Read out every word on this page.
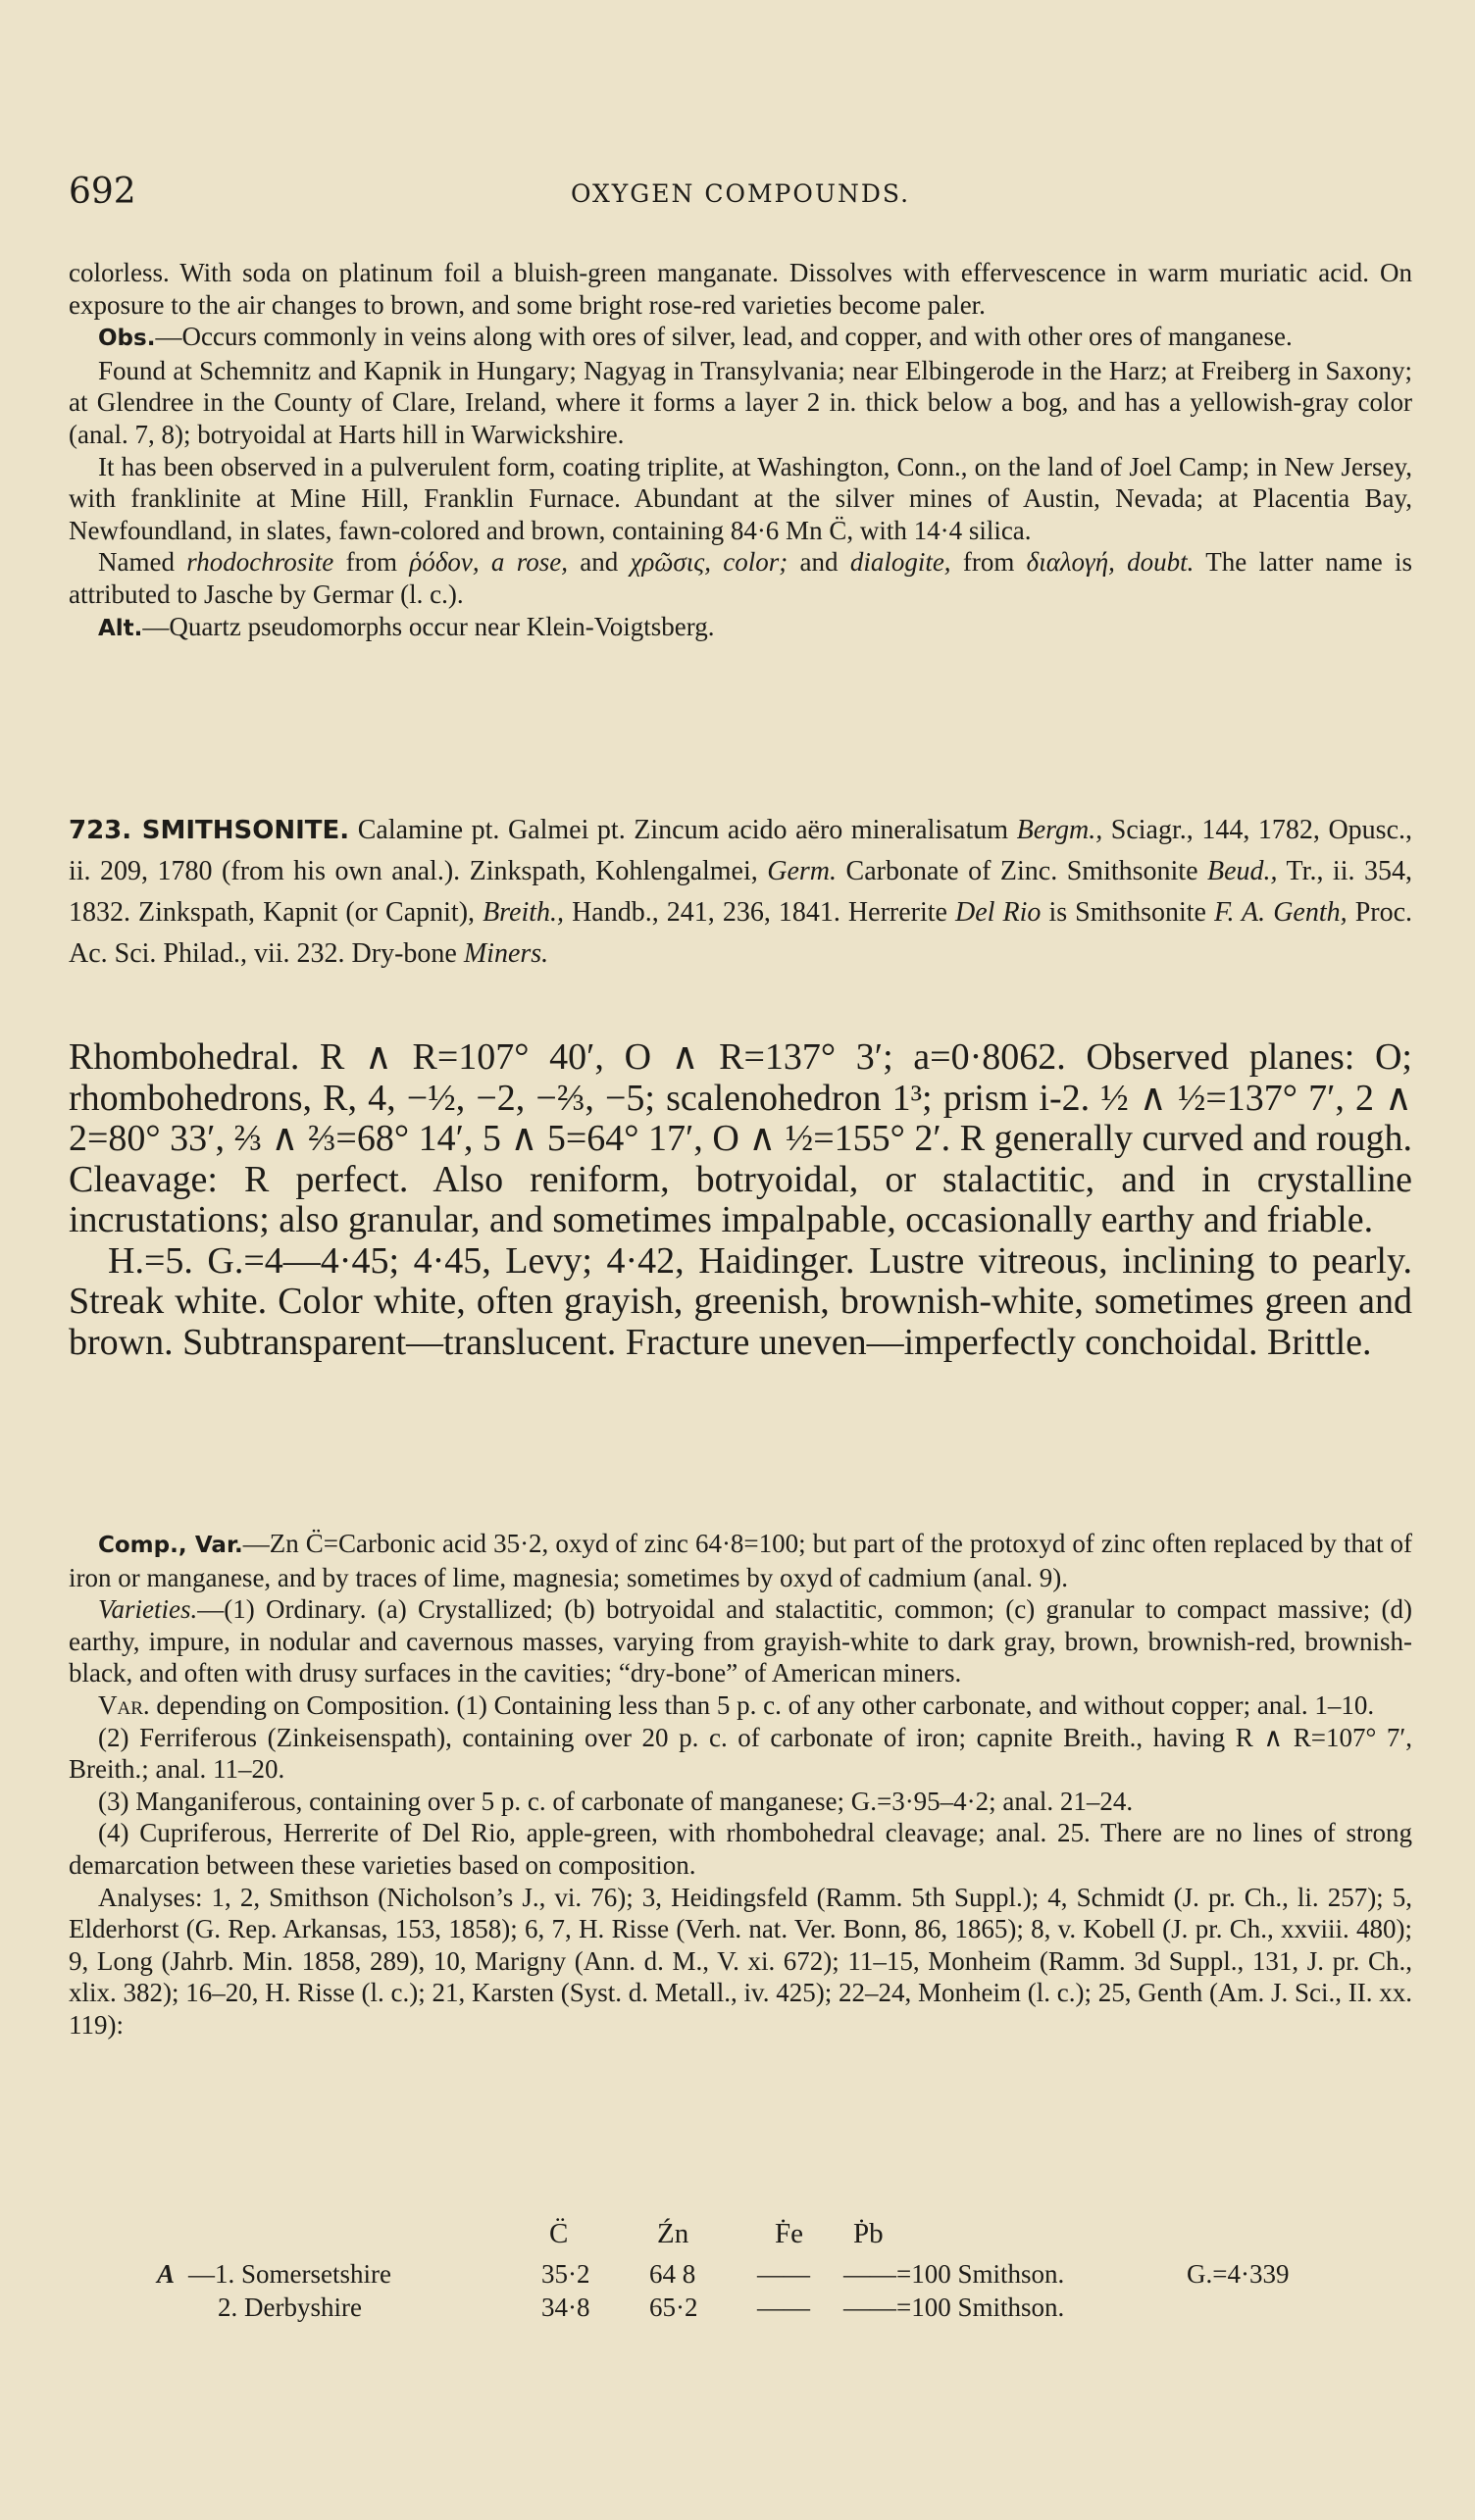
692	OXYGEN COMPOUNDS.

colorless. With soda on platinum foil a bluish-green manganate. Dissolves with effervescence in warm muriatic acid. On exposure to the air changes to brown, and some bright rose-red varieties become paler.

Obs.—Occurs commonly in veins along with ores of silver, lead, and copper, and with other ores of manganese.

Found at Schemnitz and Kapnik in Hungary; Nagyag in Transylvania; near Elbingerode in the Harz; at Freiberg in Saxony; at Glendree in the County of Clare, Ireland, where it forms a layer 2 in. thick below a bog, and has a yellowish-gray color (anal. 7, 8); botryoidal at Harts hill in Warwickshire.

It has been observed in a pulverulent form, coating triplite, at Washington, Conn., on the land of Joel Camp; in New Jersey, with franklinite at Mine Hill, Franklin Furnace. Abundant at the silver mines of Austin, Nevada; at Placentia Bay, Newfoundland, in slates, fawn-colored and brown, containing 84·6 Mn C̈, with 14·4 silica.

Named rhodochrosite from ῥόδον, a rose, and χρῶσις, color; and dialogite, from διαλογή, doubt. The latter name is attributed to Jasche by Germar (l. c.).

Alt.—Quartz pseudomorphs occur near Klein-Voigtsberg.

723. SMITHSONITE. Calamine pt. Galmei pt. Zincum acido aëro mineralisatum Bergm., Sciagr., 144, 1782, Opusc., ii. 209, 1780 (from his own anal.). Zinkspath, Kohlengalmei, Germ. Carbonate of Zinc. Smithsonite Beud., Tr., ii. 354, 1832. Zinkspath, Kapnit (or Capnit), Breith., Handb., 241, 236, 1841. Herrerite Del Rio is Smithsonite F. A. Genth, Proc. Ac. Sci. Philad., vii. 232. Dry-bone Miners.

Rhombohedral. R ∧ R=107° 40′, O ∧ R=137° 3′; a=0·8062. Observed planes: O; rhombohedrons, R, 4, −½, −2, −⅔, −5; scalenohedron 1³; prism i-2. ½ ∧ ½=137° 7′, 2 ∧ 2=80° 33′, ⅔ ∧ ⅔=68° 14′, 5 ∧ 5=64° 17′, O ∧ ½=155° 2′. R generally curved and rough. Cleavage: R perfect. Also reniform, botryoidal, or stalactitic, and in crystalline incrustations; also granular, and sometimes impalpable, occasionally earthy and friable.

H.=5. G.=4—4·45; 4·45, Levy; 4·42, Haidinger. Lustre vitreous, inclining to pearly. Streak white. Color white, often grayish, greenish, brownish-white, sometimes green and brown. Subtransparent—translucent. Fracture uneven—imperfectly conchoidal. Brittle.

Comp., Var.—Zn C̈=Carbonic acid 35·2, oxyd of zinc 64·8=100; but part of the protoxyd of zinc often replaced by that of iron or manganese, and by traces of lime, magnesia; sometimes by oxyd of cadmium (anal. 9).

Varieties.—(1) Ordinary. (a) Crystallized; (b) botryoidal and stalactitic, common; (c) granular to compact massive; (d) earthy, impure, in nodular and cavernous masses, varying from grayish-white to dark gray, brown, brownish-red, brownish-black, and often with drusy surfaces in the cavities; “dry-bone” of American miners.

Var. depending on Composition. (1) Containing less than 5 p. c. of any other carbonate, and without copper; anal. 1–10.

(2) Ferriferous (Zinkeisenspath), containing over 20 p. c. of carbonate of iron; capnite Breith., having R ∧ R=107° 7′, Breith.; anal. 11–20.

(3) Manganiferous, containing over 5 p. c. of carbonate of manganese; G.=3·95–4·2; anal. 21–24.

(4) Cupriferous, Herrerite of Del Rio, apple-green, with rhombohedral cleavage; anal. 25. There are no lines of strong demarcation between these varieties based on composition.

Analyses: 1, 2, Smithson (Nicholson’s J., vi. 76); 3, Heidingsfeld (Ramm. 5th Suppl.); 4, Schmidt (J. pr. Ch., li. 257); 5, Elderhorst (G. Rep. Arkansas, 153, 1858); 6, 7, H. Risse (Verh. nat. Ver. Bonn, 86, 1865); 8, v. Kobell (J. pr. Ch., xxviii. 480); 9, Long (Jahrb. Min. 1858, 289), 10, Marigny (Ann. d. M., V. xi. 672); 11–15, Monheim (Ramm. 3d Suppl., 131, J. pr. Ch., xlix. 382); 16–20, H. Risse (l. c.); 21, Karsten (Syst. d. Metall., iv. 425); 22–24, Monheim (l. c.); 25, Genth (Am. J. Sci., II. xx. 119):

C̈	Źn	Ḟe Ṗb
A —1. Somersetshire	35·2 64 8 —— ——=100 Smithson.	G.=4·339
2. Derbyshire	34·8 65·2 —— ——=100 Smithson.
